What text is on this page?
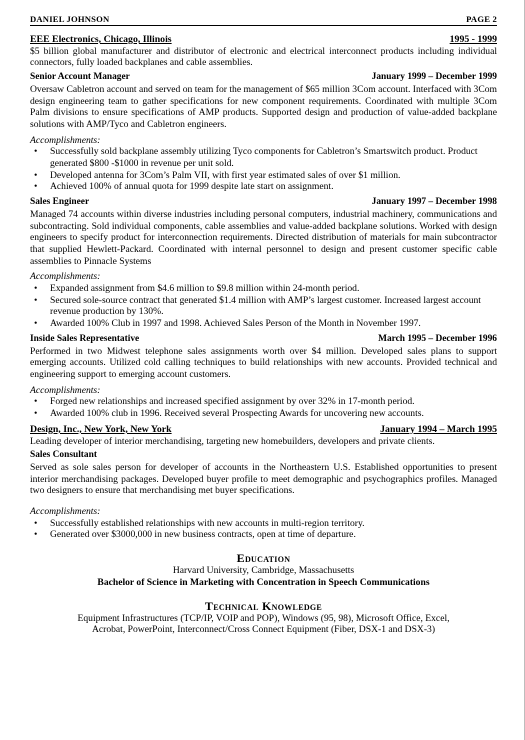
DANIEL JOHNSON	PAGE 2
EEE Electronics, Chicago, Illinois	1995 - 1999
$5 billion global manufacturer and distributor of electronic and electrical interconnect products including individual connectors, fully loaded backplanes and cable assemblies.
Senior Account Manager	January 1999 – December 1999
Oversaw Cabletron account and served on team for the management of $65 million 3Com account. Interfaced with 3Com design engineering team to gather specifications for new component requirements. Coordinated with multiple 3Com Palm divisions to ensure specifications of AMP products. Supported design and production of value-added backplane solutions with AMP/Tyco and Cabletron engineers.
Accomplishments:
• Successfully sold backplane assembly utilizing Tyco components for Cabletron’s Smartswitch product. Product generated $800 -$1000 in revenue per unit sold.
• Developed antenna for 3Com’s Palm VII, with first year estimated sales of over $1 million.
• Achieved 100% of annual quota for 1999 despite late start on assignment.
Sales Engineer	January 1997 – December 1998
Managed 74 accounts within diverse industries including personal computers, industrial machinery, communications and subcontracting. Sold individual components, cable assemblies and value-added backplane solutions. Worked with design engineers to specify product for interconnection requirements. Directed distribution of materials for main subcontractor that supplied Hewlett-Packard. Coordinated with internal personnel to design and present customer specific cable assemblies to Pinnacle Systems
Accomplishments:
• Expanded assignment from $4.6 million to $9.8 million within 24-month period.
• Secured sole-source contract that generated $1.4 million with AMP’s largest customer. Increased largest account revenue production by 130%.
• Awarded 100% Club in 1997 and 1998. Achieved Sales Person of the Month in November 1997.
Inside Sales Representative	March 1995 – December 1996
Performed in two Midwest telephone sales assignments worth over $4 million. Developed sales plans to support emerging accounts. Utilized cold calling techniques to build relationships with new accounts. Provided technical and engineering support to emerging account customers.
Accomplishments:
• Forged new relationships and increased specified assignment by over 32% in 17-month period.
• Awarded 100% club in 1996. Received several Prospecting Awards for uncovering new accounts.
Design, Inc., New York, New York	January 1994 – March 1995
Leading developer of interior merchandising, targeting new homebuilders, developers and private clients.
Sales Consultant
Served as sole sales person for developer of accounts in the Northeastern U.S. Established opportunities to present interior merchandising packages. Developed buyer profile to meet demographic and psychographics profiles. Managed two designers to ensure that merchandising met buyer specifications.
Accomplishments:
• Successfully established relationships with new accounts in multi-region territory.
• Generated over $3000,000 in new business contracts, open at time of departure.
Education
Harvard University, Cambridge, Massachusetts
Bachelor of Science in Marketing with Concentration in Speech Communications
Technical Knowledge
Equipment Infrastructures (TCP/IP, VOIP and POP), Windows (95, 98), Microsoft Office, Excel,
Acrobat, PowerPoint, Interconnect/Cross Connect Equipment (Fiber, DSX-1 and DSX-3)
